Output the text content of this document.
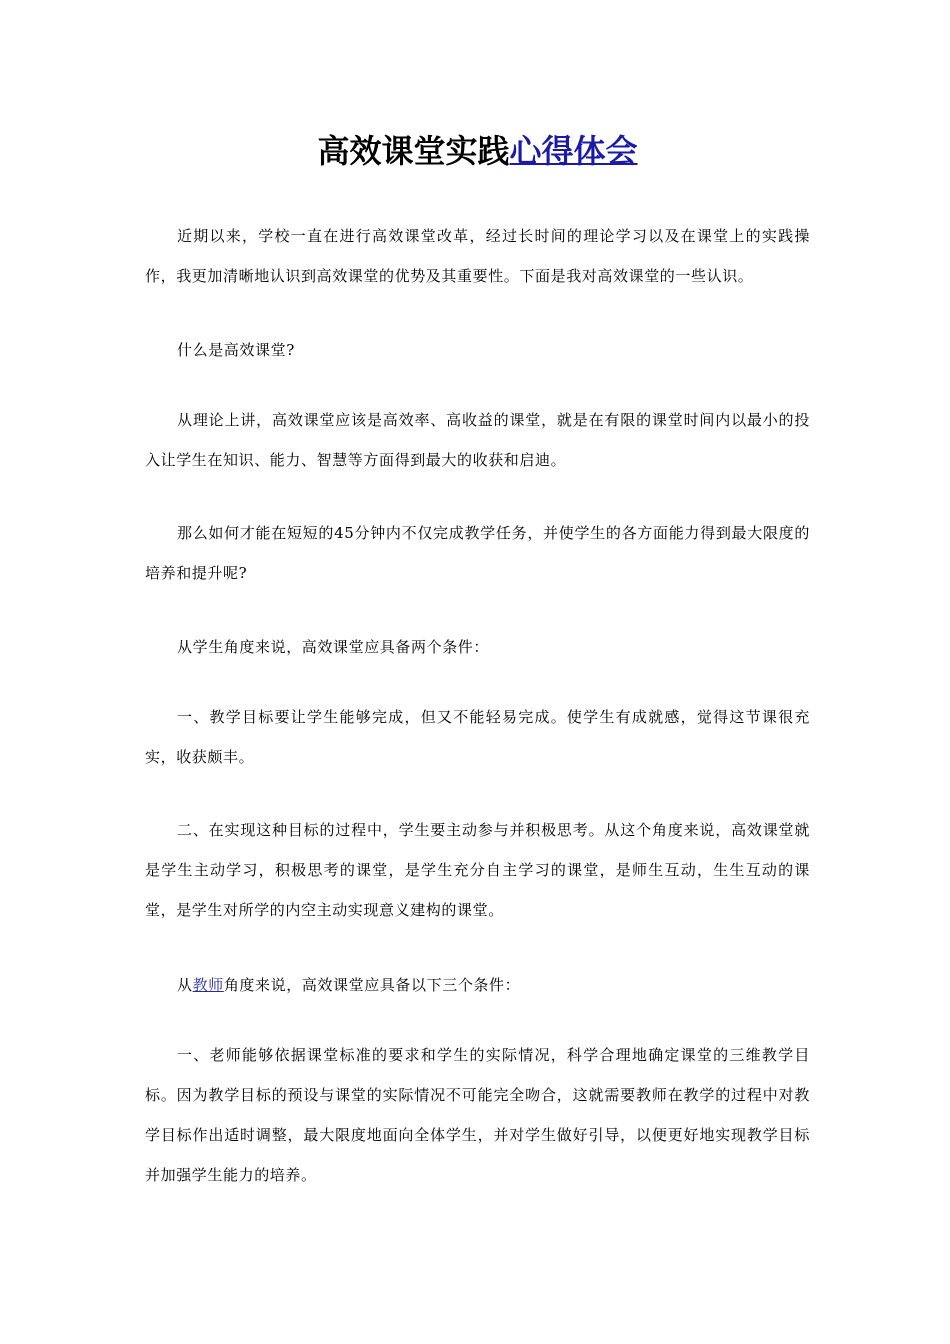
高效课堂实践心得体会

近期以来，学校一直在进行高效课堂改革，经过长时间的理论学习以及在课堂上的实践操作，我更加清晰地认识到高效课堂的优势及其重要性。下面是我对高效课堂的一些认识。

什么是高效课堂?

从理论上讲，高效课堂应该是高效率、高收益的课堂，就是在有限的课堂时间内以最小的投入让学生在知识、能力、智慧等方面得到最大的收获和启迪。

那么如何才能在短短的45分钟内不仅完成教学任务，并使学生的各方面能力得到最大限度的培养和提升呢?

从学生角度来说，高效课堂应具备两个条件：

一、教学目标要让学生能够完成，但又不能轻易完成。使学生有成就感，觉得这节课很充实，收获颇丰。

二、在实现这种目标的过程中，学生要主动参与并积极思考。从这个角度来说，高效课堂就是学生主动学习，积极思考的课堂，是学生充分自主学习的课堂，是师生互动，生生互动的课堂，是学生对所学的内空主动实现意义建构的课堂。

从教师角度来说，高效课堂应具备以下三个条件：

一、老师能够依据课堂标准的要求和学生的实际情况，科学合理地确定课堂的三维教学目标。因为教学目标的预设与课堂的实际情况不可能完全吻合，这就需要教师在教学的过程中对教学目标作出适时调整，最大限度地面向全体学生，并对学生做好引导，以便更好地实现教学目标并加强学生能力的培养。
